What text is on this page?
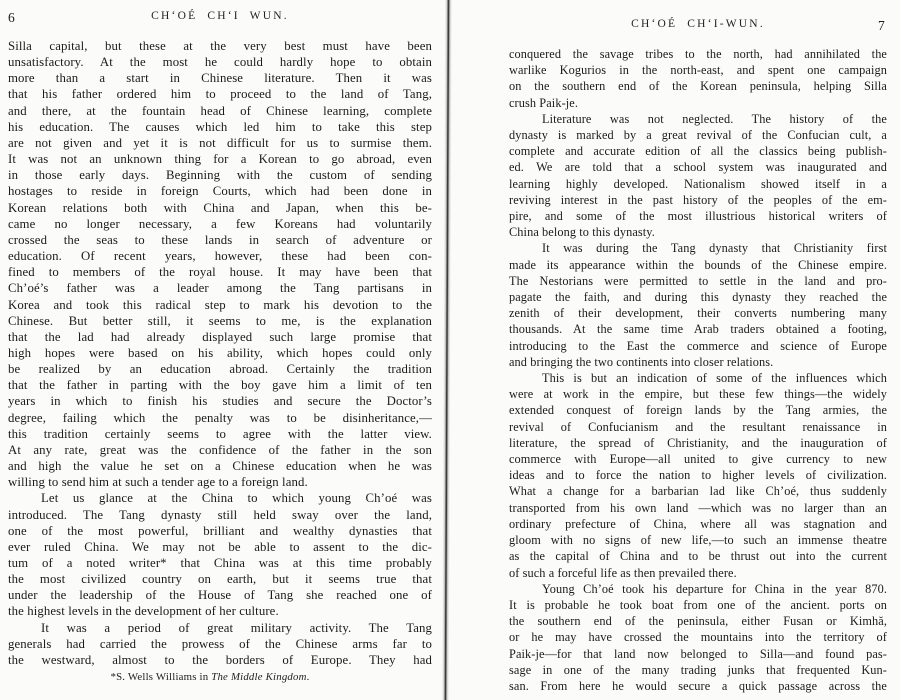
6	CHʻOÉ CHʻI WUN.
Silla capital, but these at the very best must have been
unsatisfactory. At the most he could hardly hope to obtain
more than a start in Chinese literature. Then it was
that his father ordered him to proceed to the land of Tang,
and there, at the fountain head of Chinese learning, complete
his education. The causes which led him to take this step
are not given and yet it is not difficult for us to surmise them.
It was not an unknown thing for a Korean to go abroad, even
in those early days. Beginning with the custom of sending
hostages to reside in foreign Courts, which had been done in
Korean relations both with China and Japan, when this be-
came no longer necessary, a few Koreans had voluntarily
crossed the seas to these lands in search of adventure or
education. Of recent years, however, these had been con-
fined to members of the royal house. It may have been that
Ch’oé’s father was a leader among the Tang partisans in
Korea and took this radical step to mark his devotion to the
Chinese. But better still, it seems to me, is the explanation
that the lad had already displayed such large promise that
high hopes were based on his ability, which hopes could only
be realized by an education abroad. Certainly the tradition
that the father in parting with the boy gave him a limit of ten
years in which to finish his studies and secure the Doctor’s
degree, failing which the penalty was to be disinheritance,—
this tradition certainly seems to agree with the latter view.
At any rate, great was the confidence of the father in the son
and high the value he set on a Chinese education when he was
willing to send him at such a tender age to a foreign land.
Let us glance at the China to which young Ch’oé was
introduced. The Tang dynasty still held sway over the land,
one of the most powerful, brilliant and wealthy dynasties that
ever ruled China. We may not be able to assent to the dic-
tum of a noted writer* that China was at this time probably
the most civilized country on earth, but it seems true that
under the leadership of the House of Tang she reached one of
the highest levels in the development of her culture.
It was a period of great military activity. The Tang
generals had carried the prowess of the Chinese arms far to
the westward, almost to the borders of Europe. They had
*S. Wells Williams in The Middle Kingdom.
CHʻOÉ CHʻI-WUN.	7
conquered the savage tribes to the north, had annihilated the
warlike Kogurios in the north-east, and spent one campaign
on the southern end of the Korean peninsula, helping Silla
crush Paik-je.
Literature was not neglected. The history of the
dynasty is marked by a great revival of the Confucian cult, a
complete and accurate edition of all the classics being publish-
ed. We are told that a school system was inaugurated and
learning highly developed. Nationalism showed itself in a
reviving interest in the past history of the peoples of the em-
pire, and some of the most illustrious historical writers of
China belong to this dynasty.
It was during the Tang dynasty that Christianity first
made its appearance within the bounds of the Chinese empire.
The Nestorians were permitted to settle in the land and pro-
pagate the faith, and during this dynasty they reached the
zenith of their development, their converts numbering many
thousands. At the same time Arab traders obtained a footing,
introducing to the East the commerce and science of Europe
and bringing the two continents into closer relations.
This is but an indication of some of the influences which
were at work in the empire, but these few things—the widely
extended conquest of foreign lands by the Tang armies, the
revival of Confucianism and the resultant renaissance in
literature, the spread of Christianity, and the inauguration of
commerce with Europe—all united to give currency to new
ideas and to force the nation to higher levels of civilization.
What a change for a barbarian lad like Ch’oé, thus suddenly
transported from his own land —which was no larger than an
ordinary prefecture of China, where all was stagnation and
gloom with no signs of new life,—to such an immense theatre
as the capital of China and to be thrust out into the current
of such a forceful life as then prevailed there.
Young Ch’oé took his departure for China in the year 870.
It is probable he took boat from one of the ancient. ports on
the southern end of the peninsula, either Fusan or Kimhă,
or he may have crossed the mountains into the territory of
Paik-je—for that land now belonged to Silla—and found pas-
sage in one of the many trading junks that frequented Kun-
san. From here he would secure a quick passage across the
